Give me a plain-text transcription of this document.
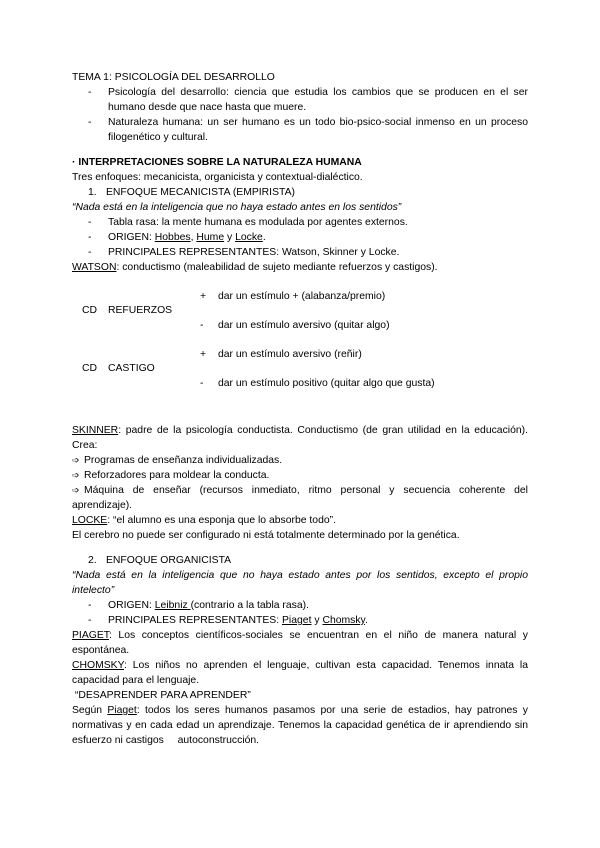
TEMA 1: PSICOLOGÍA DEL DESARROLLO
- Psicología del desarrollo: ciencia que estudia los cambios que se producen en el ser humano desde que nace hasta que muere.
- Naturaleza humana: un ser humano es un todo bio-psico-social inmenso en un proceso filogenético y cultural.
· INTERPRETACIONES SOBRE LA NATURALEZA HUMANA
Tres enfoques: mecanicista, organicista y contextual-dialéctico.
1. ENFOQUE MECANICISTA (EMPIRISTA)
“Nada está en la inteligencia que no haya estado antes en los sentidos”
- Tabla rasa: la mente humana es modulada por agentes externos.
- ORIGEN: Hobbes, Hume y Locke.
- PRINCIPALES REPRESENTANTES: Watson, Skinner y Locke.
WATSON: conductismo (maleabilidad de sujeto mediante refuerzos y castigos).
+ dar un estímulo + (alabanza/premio)
CD REFUERZOS
- dar un estímulo aversivo (quitar algo)
+ dar un estímulo aversivo (reñir)
CD CASTIGO
- dar un estímulo positivo (quitar algo que gusta)
SKINNER: padre de la psicología conductista. Conductismo (de gran utilidad en la educación). Crea:
➩ Programas de enseñanza individualizadas.
➩ Reforzadores para moldear la conducta.
➩ Máquina de enseñar (recursos inmediato, ritmo personal y secuencia coherente del aprendizaje).
LOCKE: “el alumno es una esponja que lo absorbe todo”.
El cerebro no puede ser configurado ni está totalmente determinado por la genética.
2. ENFOQUE ORGANICISTA
“Nada está en la inteligencia que no haya estado antes por los sentidos, excepto el propio intelecto”
- ORIGEN: Leibniz (contrario a la tabla rasa).
- PRINCIPALES REPRESENTANTES: Piaget y Chomsky.
PIAGET: Los conceptos científicos-sociales se encuentran en el niño de manera natural y espontánea.
CHOMSKY: Los niños no aprenden el lenguaje, cultivan esta capacidad. Tenemos innata la capacidad para el lenguaje.
“DESAPRENDER PARA APRENDER”
Según Piaget: todos los seres humanos pasamos por una serie de estadios, hay patrones y normativas y en cada edad un aprendizaje. Tenemos la capacidad genética de ir aprendiendo sin esfuerzo ni castigos autoconstrucción.
